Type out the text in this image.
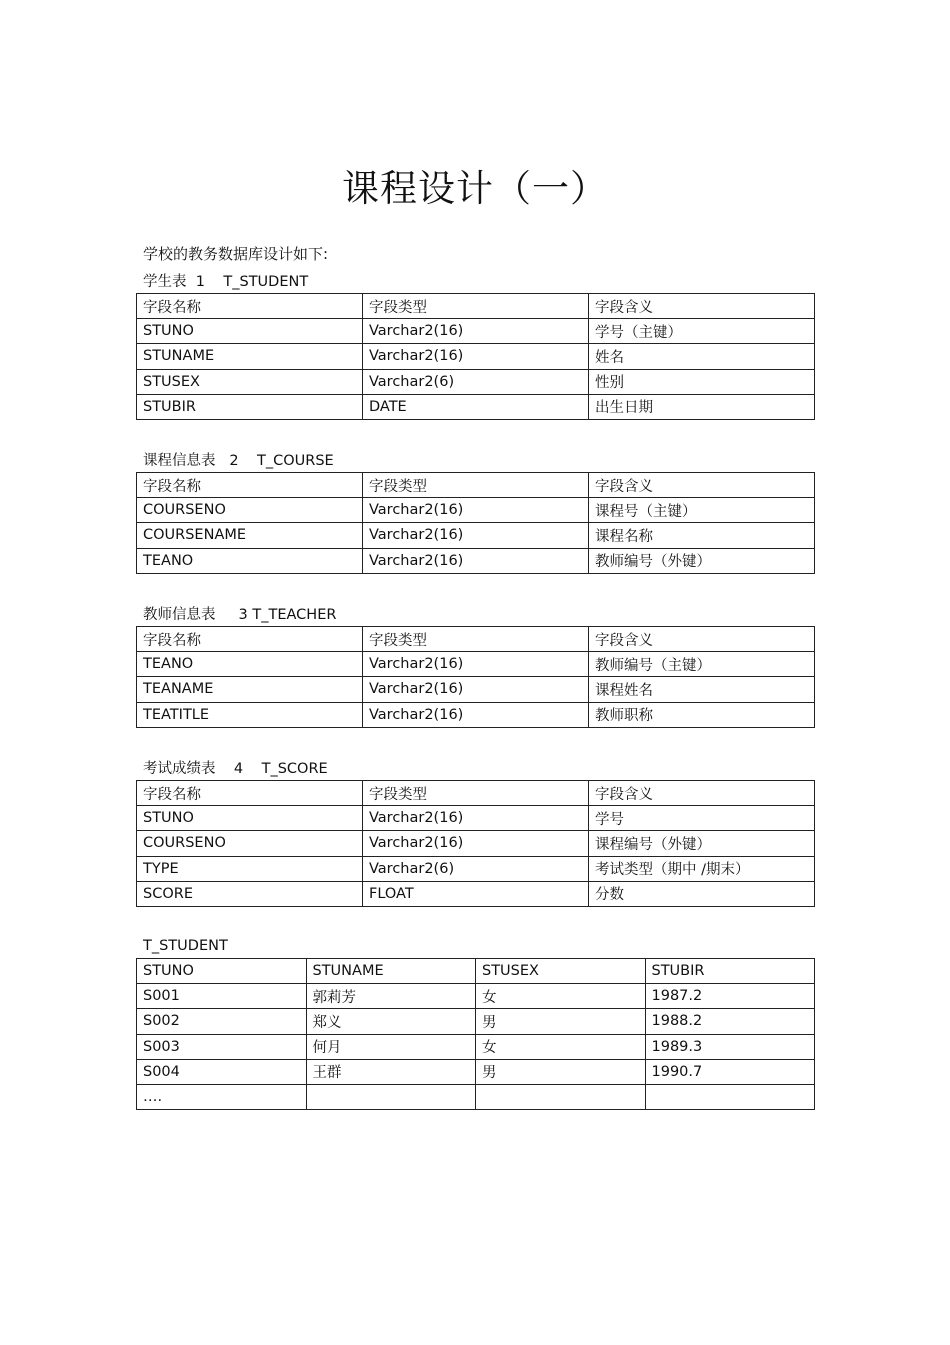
课程设计（一）

学校的教务数据库设计如下:

学生表  1    T_STUDENT

字段名称	字段类型	字段含义
STUNO	Varchar2(16)	学号（主键）
STUNAME	Varchar2(16)	姓名
STUSEX	Varchar2(6)	性别
STUBIR	DATE	出生日期

课程信息表   2    T_COURSE

字段名称	字段类型	字段含义
COURSENO	Varchar2(16)	课程号（主键）
COURSENAME	Varchar2(16)	课程名称
TEANO	Varchar2(16)	教师编号（外键）

教师信息表     3 T_TEACHER

字段名称	字段类型	字段含义
TEANO	Varchar2(16)	教师编号（主键）
TEANAME	Varchar2(16)	课程姓名
TEATITLE	Varchar2(16)	教师职称

考试成绩表    4    T_SCORE

字段名称	字段类型	字段含义
STUNO	Varchar2(16)	学号
COURSENO	Varchar2(16)	课程编号（外键）
TYPE	Varchar2(6)	考试类型（期中 /期末）
SCORE	FLOAT	分数

T_STUDENT

STUNO	STUNAME	STUSEX	STUBIR
S001	郭莉芳	女	1987.2
S002	郑义	男	1988.2
S003	何月	女	1989.3
S004	王群	男	1990.7
….			
